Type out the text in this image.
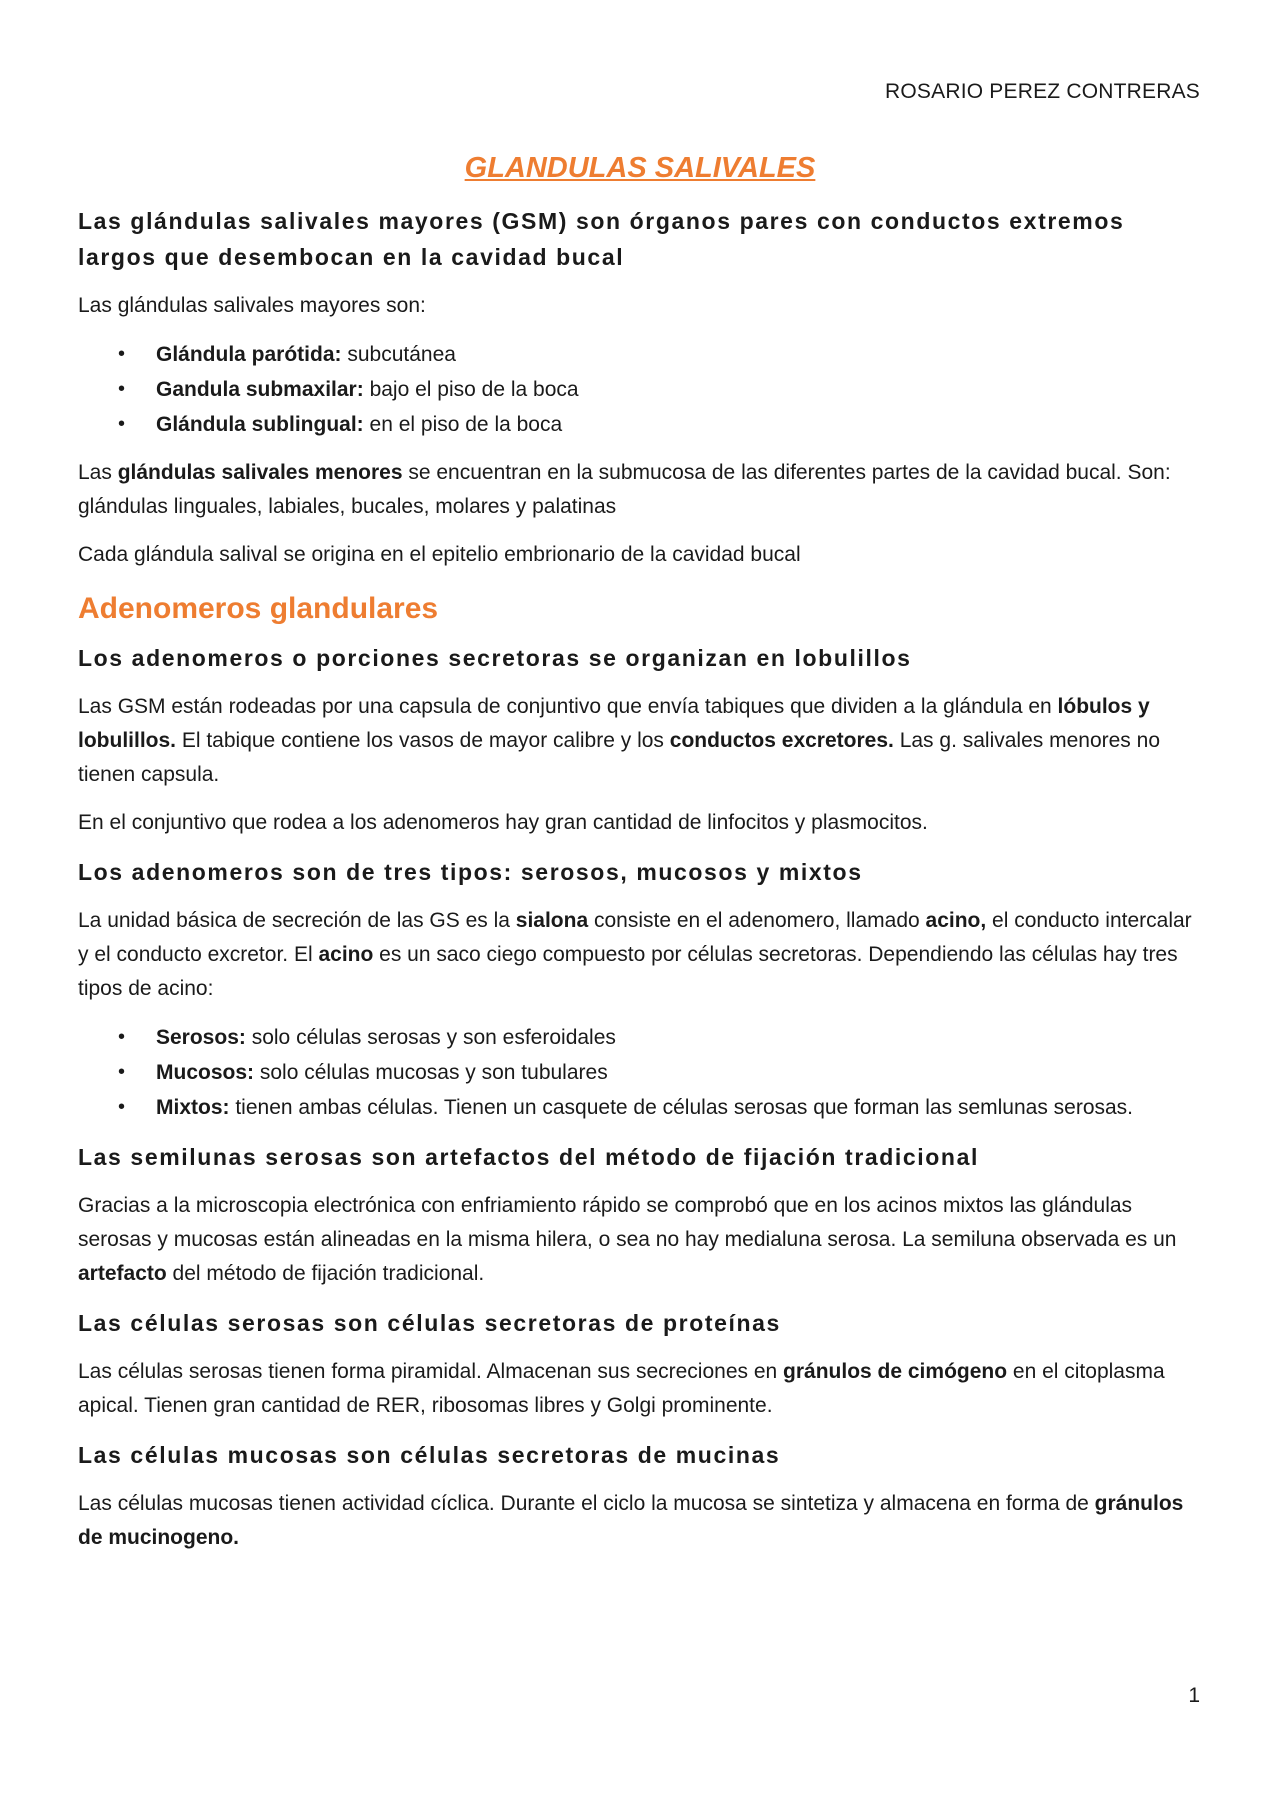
ROSARIO PEREZ CONTRERAS
GLANDULAS SALIVALES
Las glándulas salivales mayores (GSM) son órganos pares con conductos extremos largos que desembocan en la cavidad bucal

Las glándulas salivales mayores son:

• Glándula parótida: subcutánea
• Gandula submaxilar: bajo el piso de la boca
• Glándula sublingual: en el piso de la boca

Las glándulas salivales menores se encuentran en la submucosa de las diferentes partes de la cavidad bucal. Son: glándulas linguales, labiales, bucales, molares y palatinas

Cada glándula salival se origina en el epitelio embrionario de la cavidad bucal

Adenomeros glandulares
Los adenomeros o porciones secretoras se organizan en lobulillos

Las GSM están rodeadas por una capsula de conjuntivo que envía tabiques que dividen a la glándula en lóbulos y lobulillos. El tabique contiene los vasos de mayor calibre y los conductos excretores. Las g. salivales menores no tienen capsula.

En el conjuntivo que rodea a los adenomeros hay gran cantidad de linfocitos y plasmocitos.

Los adenomeros son de tres tipos: serosos, mucosos y mixtos

La unidad básica de secreción de las GS es la sialona consiste en el adenomero, llamado acino, el conducto intercalar y el conducto excretor. El acino es un saco ciego compuesto por células secretoras. Dependiendo las células hay tres tipos de acino:

• Serosos: solo células serosas y son esferoidales
• Mucosos: solo células mucosas y son tubulares
• Mixtos: tienen ambas células. Tienen un casquete de células serosas que forman las semlunas serosas.
Las semilunas serosas son artefactos del método de fijación tradicional

Gracias a la microscopia electrónica con enfriamiento rápido se comprobó que en los acinos mixtos las glándulas serosas y mucosas están alineadas en la misma hilera, o sea no hay medialuna serosa. La semiluna observada es un artefacto del método de fijación tradicional.

Las células serosas son células secretoras de proteínas

Las células serosas tienen forma piramidal. Almacenan sus secreciones en gránulos de cimógeno en el citoplasma apical. Tienen gran cantidad de RER, ribosomas libres y Golgi prominente.

Las células mucosas son células secretoras de mucinas

Las células mucosas tienen actividad cíclica. Durante el ciclo la mucosa se sintetiza y almacena en forma de gránulos de mucinogeno.

1
